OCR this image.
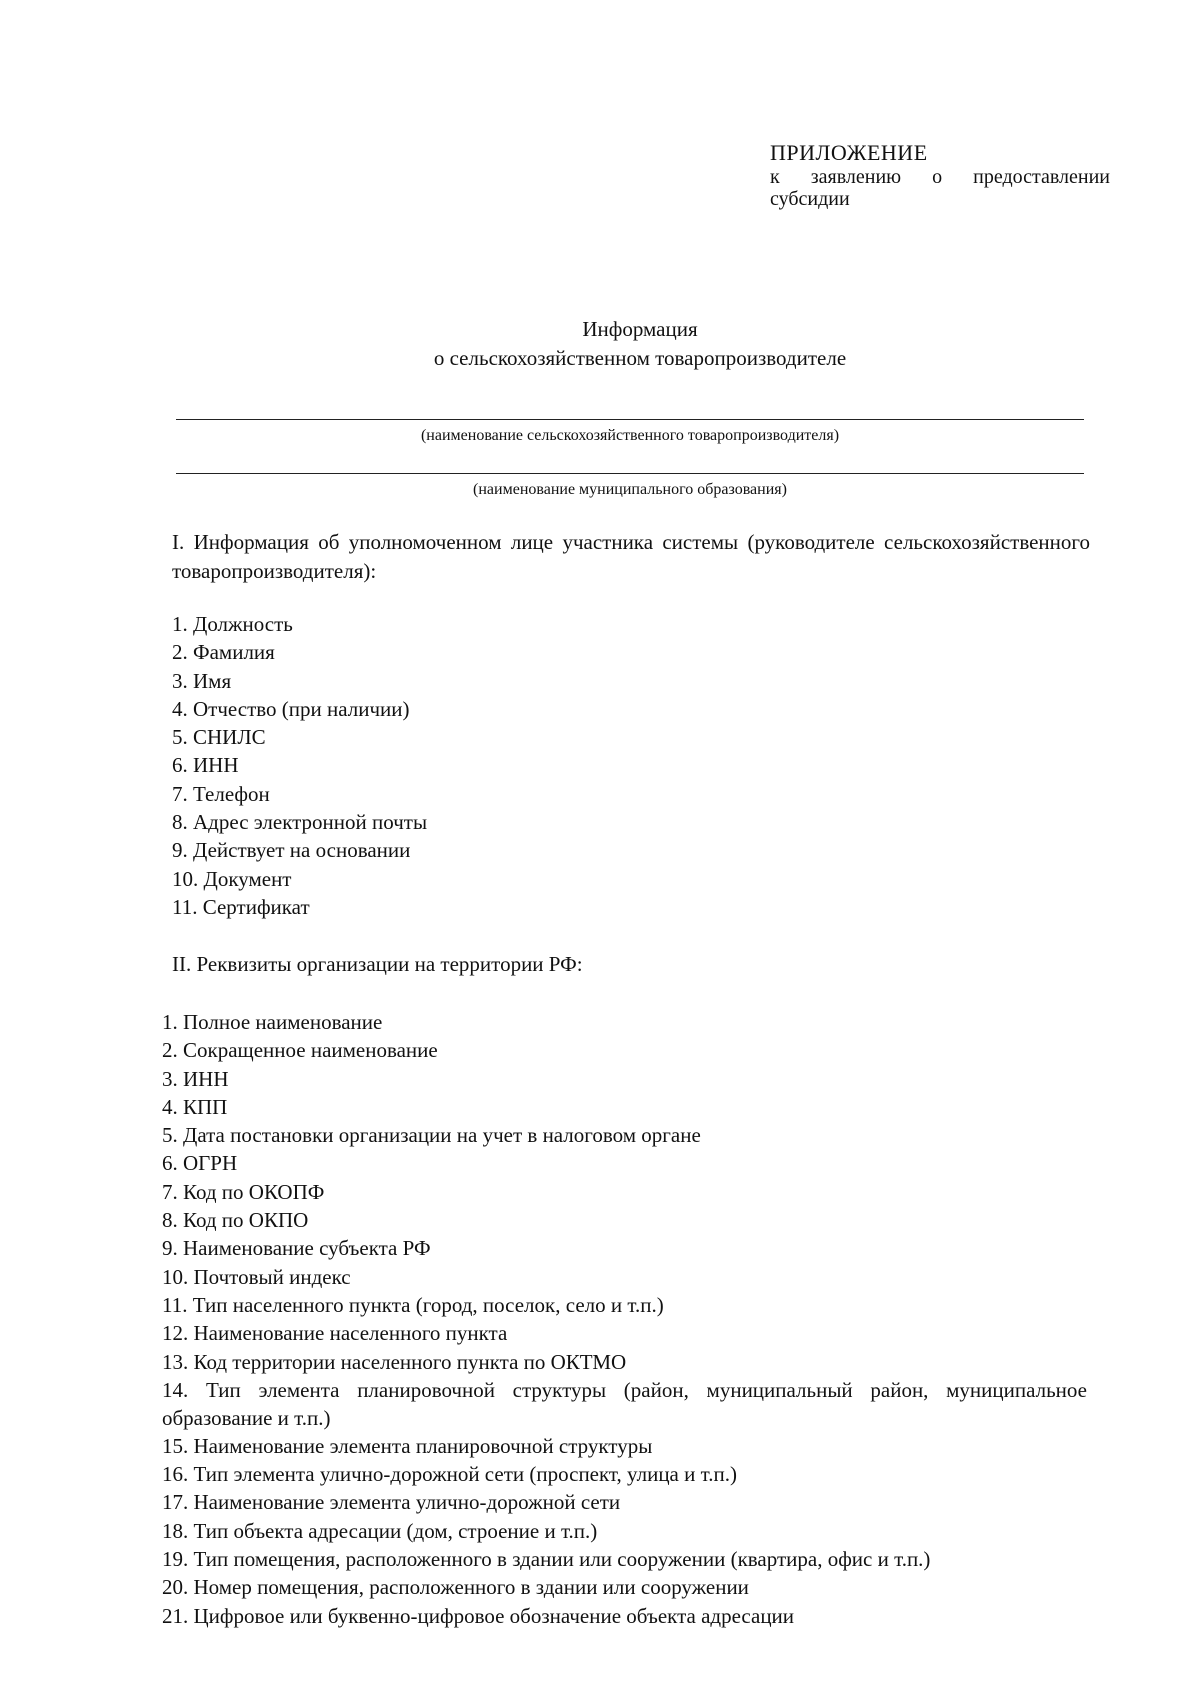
ПРИЛОЖЕНИЕ
к заявлению о предоставлении субсидии
Информация
о сельскохозяйственном товаропроизводителе
(наименование сельскохозяйственного товаропроизводителя)
(наименование муниципального образования)
I. Информация об уполномоченном лице участника системы (руководителе сельскохозяйственного товаропроизводителя):
1. Должность
2. Фамилия
3. Имя
4. Отчество (при наличии)
5. СНИЛС
6. ИНН
7. Телефон
8. Адрес электронной почты
9. Действует на основании
10. Документ
11. Сертификат
II. Реквизиты организации на территории РФ:
1. Полное наименование
2. Сокращенное наименование
3. ИНН
4. КПП
5. Дата постановки организации на учет в налоговом органе
6. ОГРН
7. Код по ОКОПФ
8. Код по ОКПО
9. Наименование субъекта РФ
10. Почтовый индекс
11. Тип населенного пункта (город, поселок, село и т.п.)
12. Наименование населенного пункта
13. Код территории населенного пункта по ОКТМО
14. Тип элемента планировочной структуры (район, муниципальный район, муниципальное образование и т.п.)
15. Наименование элемента планировочной структуры
16. Тип элемента улично-дорожной сети (проспект, улица и т.п.)
17. Наименование элемента улично-дорожной сети
18. Тип объекта адресации (дом, строение и т.п.)
19. Тип помещения, расположенного в здании или сооружении (квартира, офис и т.п.)
20. Номер помещения, расположенного в здании или сооружении
21. Цифровое или буквенно-цифровое обозначение объекта адресации
